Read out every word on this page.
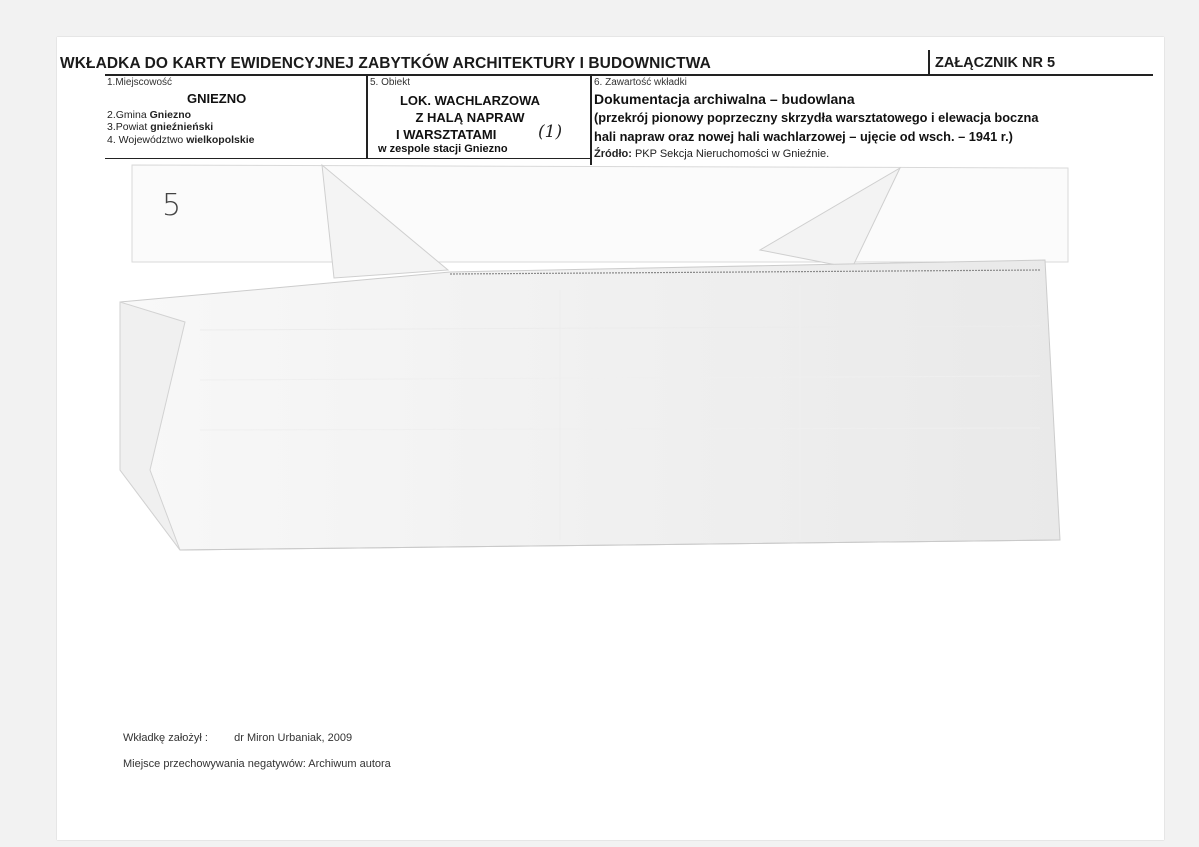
WKŁADKA DO KARTY EWIDENCYJNEJ ZABYTKÓW ARCHITEKTURY I BUDOWNICTWA	ZAŁĄCZNIK NR 5
1.Miejscowość
GNIEZNO
2.Gmina Gniezno
3.Powiat gnieźnieński
4. Województwo wielkopolskie
5. Obiekt
LOK. WACHLARZOWA
Z HALĄ NAPRAW
I WARSZTATAMI (1)
w zespole stacji Gniezno
6. Zawartość wkładki
Dokumentacja archiwalna – budowlana
(przekrój pionowy poprzeczny skrzydła warsztatowego i elewacja boczna
hali napraw oraz nowej hali wachlarzowej – ujęcie od wsch. – 1941 r.)
Źródło: PKP Sekcja Nieruchomości w Gnieźnie.
5
Wkładkę założył : dr Miron Urbaniak, 2009
Miejsce przechowywania negatywów: Archiwum autora
